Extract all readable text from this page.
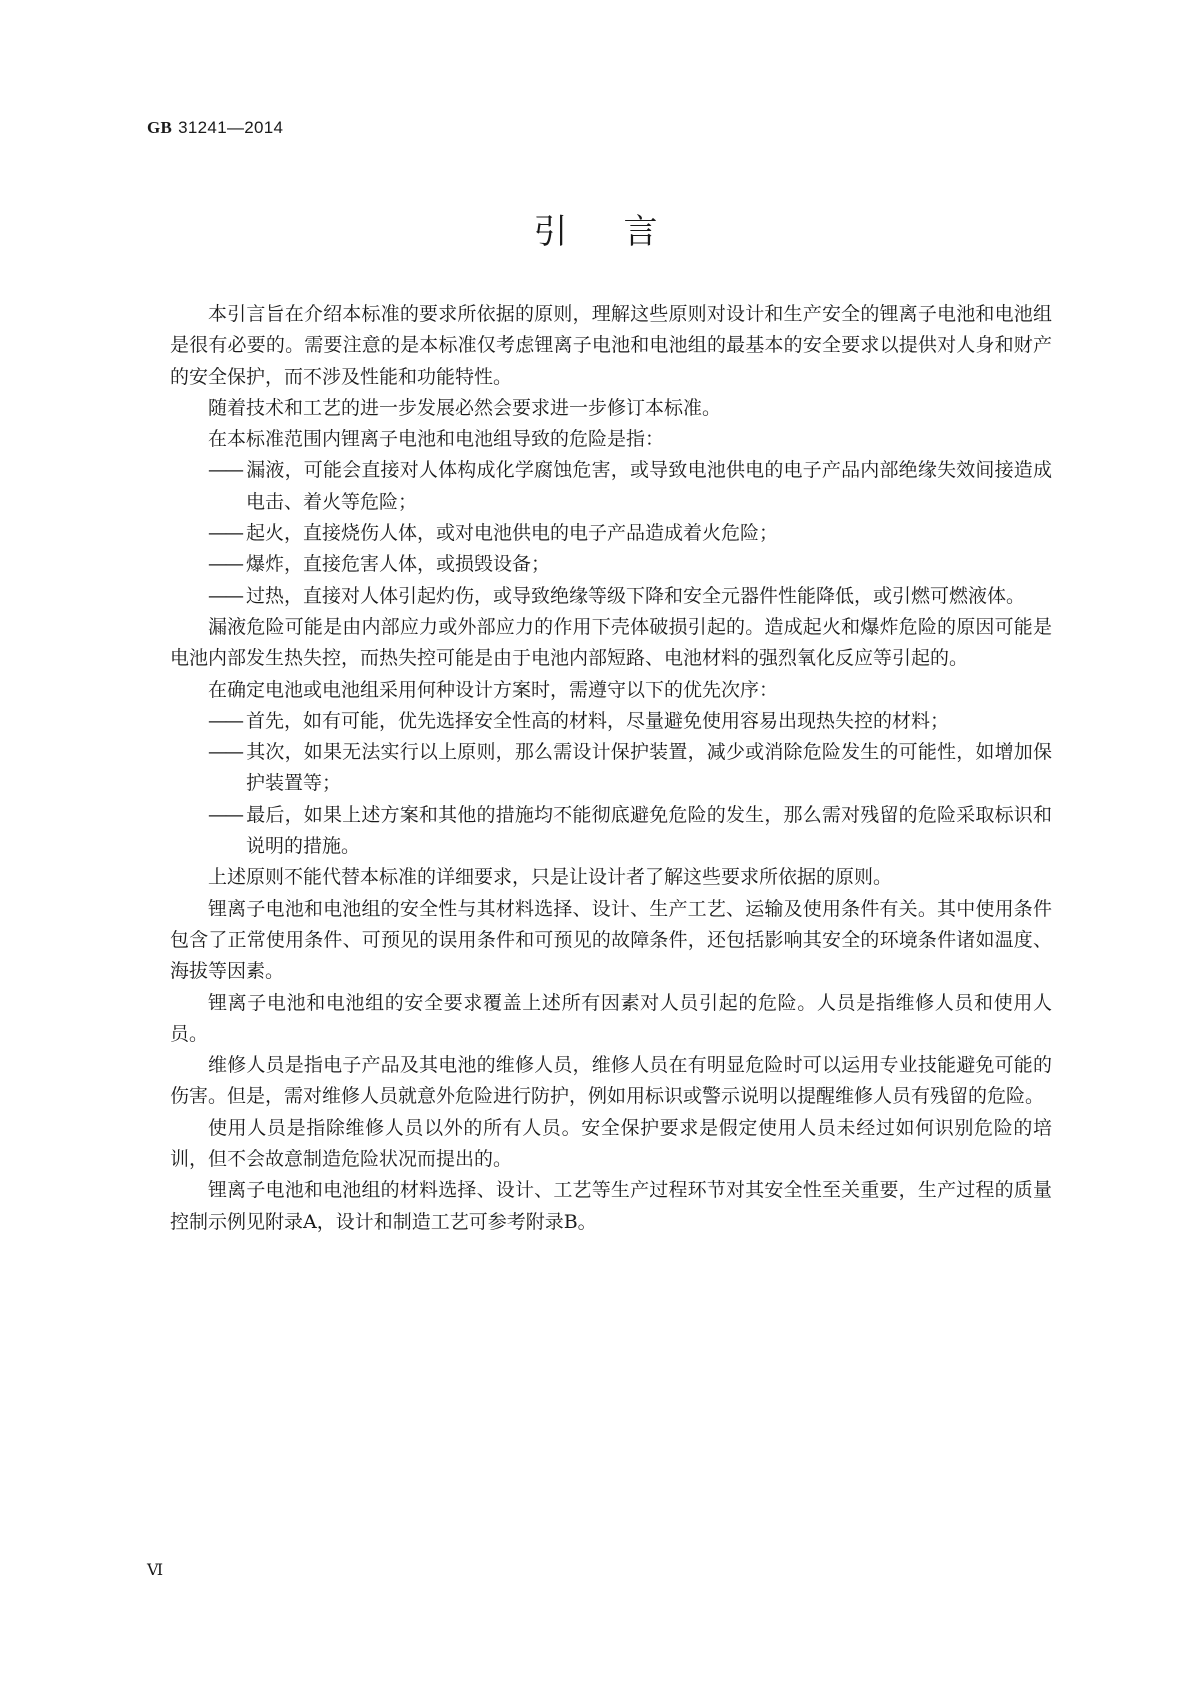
GB 31241—2014
引言

本引言旨在介绍本标准的要求所依据的原则，理解这些原则对设计和生产安全的锂离子电池和电池组是很有必要的。需要注意的是本标准仅考虑锂离子电池和电池组的最基本的安全要求以提供对人身和财产的安全保护，而不涉及性能和功能特性。

随着技术和工艺的进一步发展必然会要求进一步修订本标准。

在本标准范围内锂离子电池和电池组导致的危险是指：

—— 漏液，可能会直接对人体构成化学腐蚀危害，或导致电池供电的电子产品内部绝缘失效间接造成电击、着火等危险；

—— 起火，直接烧伤人体，或对电池供电的电子产品造成着火危险；

—— 爆炸，直接危害人体，或损毁设备；

—— 过热，直接对人体引起灼伤，或导致绝缘等级下降和安全元器件性能降低，或引燃可燃液体。

漏液危险可能是由内部应力或外部应力的作用下壳体破损引起的。造成起火和爆炸危险的原因可能是电池内部发生热失控，而热失控可能是由于电池内部短路、电池材料的强烈氧化反应等引起的。

在确定电池或电池组采用何种设计方案时，需遵守以下的优先次序：

—— 首先，如有可能，优先选择安全性高的材料，尽量避免使用容易出现热失控的材料；

—— 其次，如果无法实行以上原则，那么需设计保护装置，减少或消除危险发生的可能性，如增加保护装置等；

—— 最后，如果上述方案和其他的措施均不能彻底避免危险的发生，那么需对残留的危险采取标识和说明的措施。

上述原则不能代替本标准的详细要求，只是让设计者了解这些要求所依据的原则。

锂离子电池和电池组的安全性与其材料选择、设计、生产工艺、运输及使用条件有关。其中使用条件包含了正常使用条件、可预见的误用条件和可预见的故障条件，还包括影响其安全的环境条件诸如温度、海拔等因素。

锂离子电池和电池组的安全要求覆盖上述所有因素对人员引起的危险。人员是指维修人员和使用人员。

维修人员是指电子产品及其电池的维修人员，维修人员在有明显危险时可以运用专业技能避免可能的伤害。但是，需对维修人员就意外危险进行防护，例如用标识或警示说明以提醒维修人员有残留的危险。

使用人员是指除维修人员以外的所有人员。安全保护要求是假定使用人员未经过如何识别危险的培训，但不会故意制造危险状况而提出的。

锂离子电池和电池组的材料选择、设计、工艺等生产过程环节对其安全性至关重要，生产过程的质量控制示例见附录A，设计和制造工艺可参考附录B。

Ⅵ
